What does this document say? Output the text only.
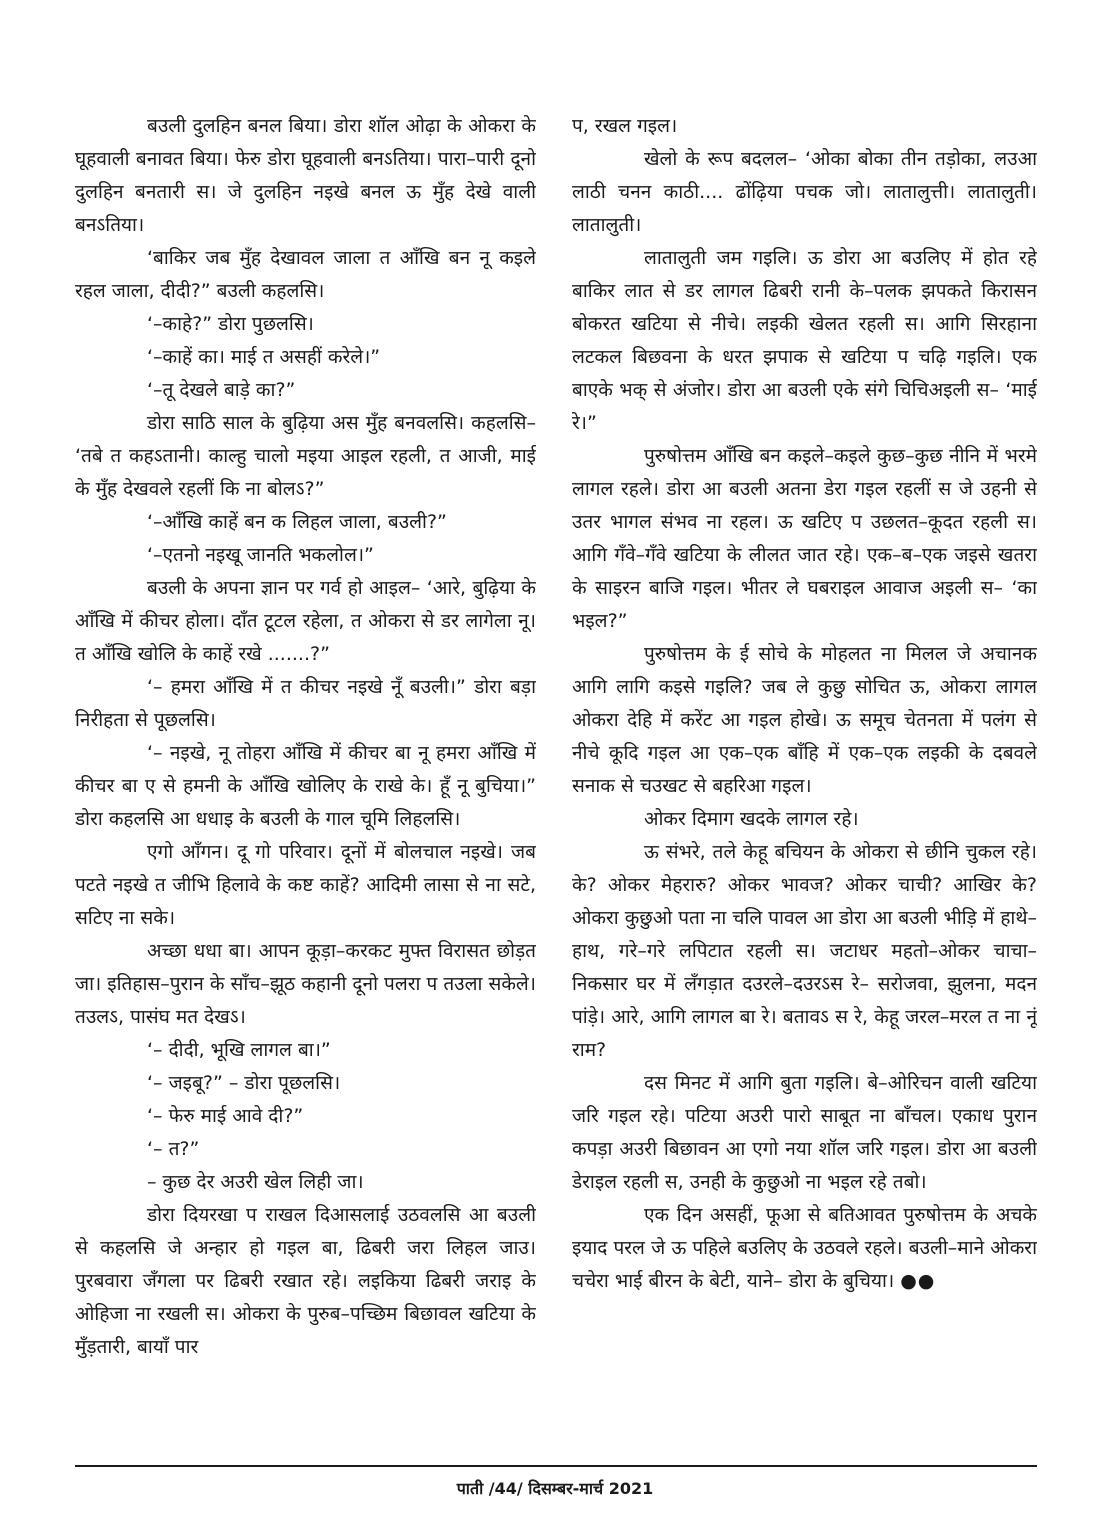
बउली दुलहिन बनल बिया। डोरा शॉल ओढ़ा के ओकरा के घूहवाली बनावत बिया। फेरु डोरा घूहवाली बनऽतिया। पारा–पारी दूनो दुलहिन बनतारी स। जे दुलहिन नइखे बनल ऊ मुँह देखे वाली बनऽतिया।

‘बाकिर जब मुँह देखावल जाला त आँखि बन नू कइले रहल जाला, दीदी?” बउली कहलसि।

‘–काहे?” डोरा पुछलसि।

‘–काहें का। माई त असहीं करेले।”

‘–तू देखले बाड़े का?”

डोरा साठि साल के बुढ़िया अस मुँह बनवलसि। कहलसि– ‘तबे त कहऽतानी। काल्हु चालो मइया आइल रहली, त आजी, माई के मुँह देखवले रहलीं कि ना बोलऽ?”

‘–आँखि काहें बन क लिहल जाला, बउली?”

‘–एतनो नइखू जानति भकलोल।”

बउली के अपना ज्ञान पर गर्व हो आइल– ‘आरे, बुढ़िया के आँखि में कीचर होला। दाँत टूटल रहेला, त ओकरा से डर लागेला नू। त आँखि खोलि के काहें रखे .......?”

‘– हमरा आँखि में त कीचर नइखे नूँ बउली।” डोरा बड़ा निरीहता से पूछलसि।

‘– नइखे, नू तोहरा आँखि में कीचर बा नू हमरा आँखि में कीचर बा ए से हमनी के आँखि खोलिए के राखे के। हूँ नू बुचिया।” डोरा कहलसि आ धधाइ के बउली के गाल चूमि लिहलसि।

एगो आँगन। दू गो परिवार। दूनों में बोलचाल नइखे। जब पटते नइखे त जीभि हिलावे के कष्ट काहें? आदिमी लासा से ना सटे, सटिए ना सके।

अच्छा धधा बा। आपन कूड़ा–करकट मुफ्त विरासत छोड़त जा। इतिहास–पुरान के साँच–झूठ कहानी दूनो पलरा प तउला सकेले। तउलऽ, पासंघ मत देखऽ।

‘– दीदी, भूखि लागल बा।”

‘– जइबू?” – डोरा पूछलसि।

‘– फेरु माई आवे दी?”

‘– त?”

– कुछ देर अउरी खेल लिही जा।

डोरा दियरखा प राखल दिआसलाई उठवलसि आ बउली से कहलसि जे अन्हार हो गइल बा, ढिबरी जरा लिहल जाउ। पुरबवारा जँगला पर ढिबरी रखात रहे। लइकिया ढिबरी जराइ के ओहिजा ना रखली स। ओकरा के पुरुब–पच्छिम बिछावल खटिया के मुँड़तारी, बायाँ पार

प, रखल गइल।

खेलो के रूप बदलल– ‘ओका बोका तीन तड़ोका, लउआ लाठी चनन काठी.... ढोंढ़िया पचक जो। लातालुत्ती। लातालुती। लातालुती।

लातालुती जम गइलि। ऊ डोरा आ बउलिए में होत रहे बाकिर लात से डर लागल ढिबरी रानी के–पलक झपकते किरासन बोकरत खटिया से नीचे। लइकी खेलत रहली स। आगि सिरहाना लटकल बिछवना के धरत झपाक से खटिया प चढ़ि गइलि। एक बाएके भक् से अंजोर। डोरा आ बउली एके संगे चिचिअइली स– ‘माई रे।”

पुरुषोत्तम आँखि बन कइले–कइले कुछ–कुछ नीनि में भरमे लागल रहले। डोरा आ बउली अतना डेरा गइल रहलीं स जे उहनी से उतर भागल संभव ना रहल। ऊ खटिए प उछलत–कूदत रहली स। आगि गँवे–गँवे खटिया के लीलत जात रहे। एक–ब–एक जइसे खतरा के साइरन बाजि गइल। भीतर ले घबराइल आवाज अइली स– ‘का भइल?”

पुरुषोत्तम के ई सोचे के मोहलत ना मिलल जे अचानक आगि लागि कइसे गइलि? जब ले कुछु सोचित ऊ, ओकरा लागल ओकरा देहि में करेंट आ गइल होखे। ऊ समूच चेतनता में पलंग से नीचे कूदि गइल आ एक–एक बाँहि में एक–एक लइकी के दबवले सनाक से चउखट से बहरिआ गइल।

ओकर दिमाग खदके लागल रहे।

ऊ संभरे, तले केहू बचियन के ओकरा से छीनि चुकल रहे। के? ओकर मेहरारु? ओकर भावज? ओकर चाची? आखिर के? ओकरा कुछुओ पता ना चलि पावल आ डोरा आ बउली भीड़ि में हाथे–हाथ, गरे–गरे लपिटात रहली स। जटाधर महतो–ओकर चाचा–निकसार घर में लँगड़ात दउरले–दउरऽस रे– सरोजवा, झुलना, मदन पांड़े। आरे, आगि लागल बा रे। बतावऽ स रे, केहू जरल–मरल त ना नूं राम?

दस मिनट में आगि बुता गइलि। बे–ओरिचन वाली खटिया जरि गइल रहे। पटिया अउरी पारो साबूत ना बाँचल। एकाध पुरान कपड़ा अउरी बिछावन आ एगो नया शॉल जरि गइल। डोरा आ बउली डेराइल रहली स, उनही के कुछुओ ना भइल रहे तबो।

एक दिन असहीं, फूआ से बतिआवत पुरुषोत्तम के अचके इयाद परल जे ऊ पहिले बउलिए के उठवले रहले। बउली–माने ओकरा चचेरा भाई बीरन के बेटी, याने– डोरा के बुचिया। ●●

पाती /44/ दिसम्बर-मार्च 2021
